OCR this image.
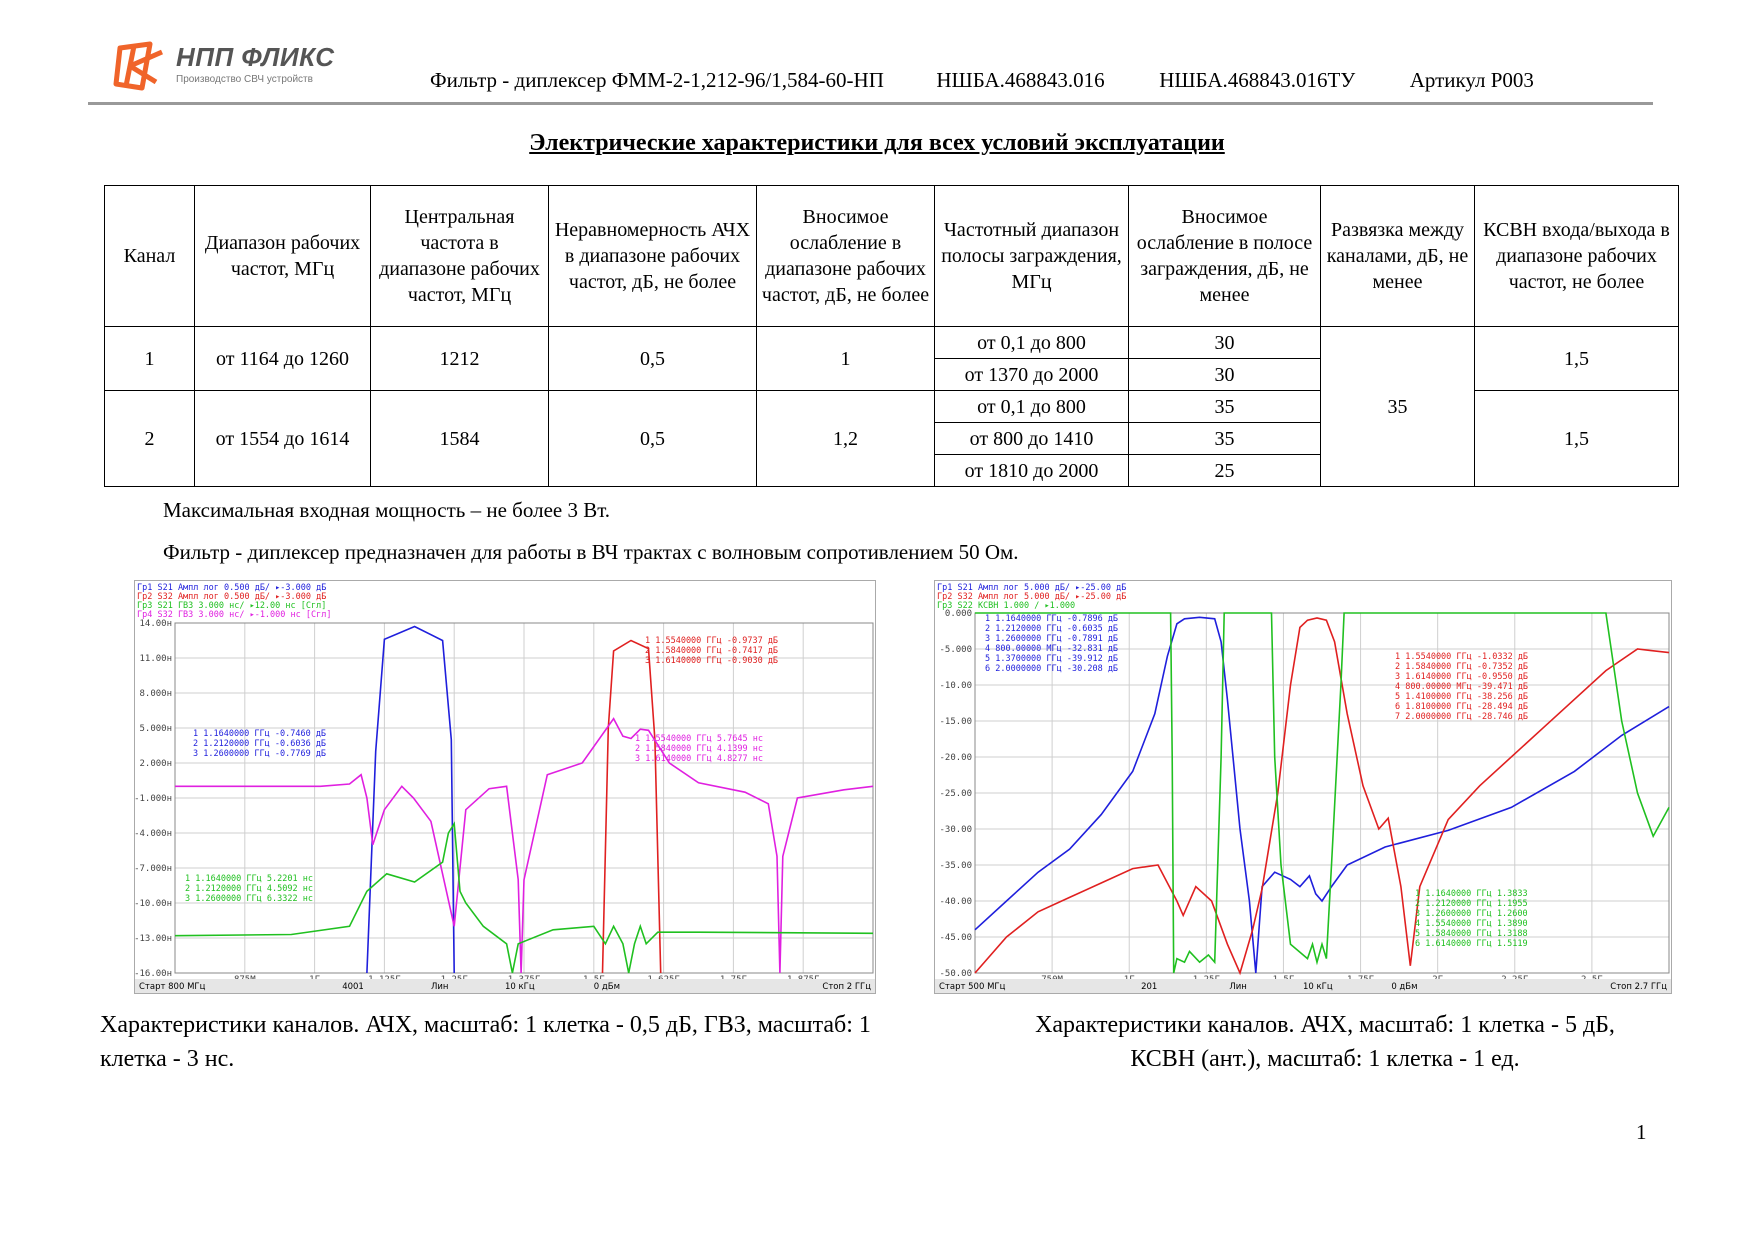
НПП ФЛИКС
Производство СВЧ устройств	Фильтр - диплексер ФММ-2-1,212-96/1,584-60-НП	НШБА.468843.016	НШБА.468843.016ТУ	Артикул Р003
Электрические характеристики для всех условий эксплуатации
Канал	Диапазон рабочих частот, МГц	Центральная частота в диапазоне рабочих частот, МГц	Неравномерность АЧХ в диапазоне рабочих частот, дБ, не более	Вносимое ослабление в диапазоне рабочих частот, дБ, не более	Частотный диапазон полосы заграждения, МГц	Вносимое ослабление в полосе заграждения, дБ, не менее	Развязка между каналами, дБ, не менее	КСВН входа/выхода в диапазоне рабочих частот, не более
1	от 1164 до 1260	1212	0,5	1	от 0,1 до 800	30	35	1,5
					от 1370 до 2000	30		
2	от 1554 до 1614	1584	0,5	1,2	от 0,1 до 800	35		1,5
					от 800 до 1410	35		
					от 1810 до 2000	25		
Максимальная входная мощность – не более 3 Вт.
Фильтр - диплексер предназначен для работы в ВЧ трактах с волновым сопротивлением 50 Ом.
14.00н
11.00н
8.000н
5.000н
2.000н
-1.000н
-4.000н
-7.000н
-10.00н
-13.00н
-16.00н
Гр1 S21 Ампл лог 0.500 дБ/ ▸-3.000 дБ
Гр2 S32 Ампл лог 0.500 дБ/ ▸-3.000 дБ
Гр3 S21 ГВЗ 3.000 нс/ ▸12.00 нс [Сгл]
Гр4 S32 ГВЗ 3.000 нс/ ▸-1.000 нс [Сгл]
1 1.5540000 ГГц -0.9737 дБ
2 1.5840000 ГГц -0.7417 дБ
3 1.6140000 ГГц -0.9030 дБ
1 1.1640000 ГГц -0.7460 дБ
2 1.2120000 ГГц -0.6036 дБ
3 1.2600000 ГГц -0.7769 дБ
1 1.5540000 ГГц 5.7645 нс
2 1.5840000 ГГц 4.1399 нс
3 1.6140000 ГГц 4.8277 нс
1 1.1640000 ГГц 5.2201 нс
2 1.2120000 ГГц 4.5092 нс
3 1.2600000 ГГц 6.3322 нс
Старт 800 МГц	4001	Лин	10 кГц	0 дБм	Стоп 2 ГГц
0.000
-5.000
-10.00
-15.00
-20.00
-25.00
-30.00
-35.00
-40.00
-45.00
-50.00
Гр1 S21 Ампл лог 5.000 дБ/ ▸-25.00 дБ
Гр2 S32 Ампл лог 5.000 дБ/ ▸-25.00 дБ
Гр3 S22 КСВН 1.000 / ▸1.000
1 1.1640000 ГГц -0.7896 дБ
2 1.2120000 ГГц -0.6035 дБ
3 1.2600000 ГГц -0.7891 дБ
4 800.00000 МГц -32.831 дБ
5 1.3700000 ГГц -39.912 дБ
6 2.0000000 ГГц -30.208 дБ
1 1.5540000 ГГц -1.0332 дБ
2 1.5840000 ГГц -0.7352 дБ
3 1.6140000 ГГц -0.9550 дБ
4 800.00000 МГц -39.471 дБ
5 1.4100000 ГГц -38.256 дБ
6 1.8100000 ГГц -28.494 дБ
7 2.0000000 ГГц -28.746 дБ
1 1.1640000 ГГц 1.3833
2 1.2120000 ГГц 1.1955
3 1.2600000 ГГц 1.2600
4 1.5540000 ГГц 1.3890
5 1.5840000 ГГц 1.3188
6 1.6140000 ГГц 1.5119
Старт 500 МГц	201	Лин	10 кГц	0 дБм	Стоп 2.7 ГГц
Характеристики каналов. АЧХ, масштаб: 1 клетка - 0,5 дБ, ГВЗ, масштаб: 1 клетка - 3 нс.
Характеристики каналов. АЧХ, масштаб: 1 клетка - 5 дБ,
КСВН (ант.), масштаб: 1 клетка - 1 ед.
1
